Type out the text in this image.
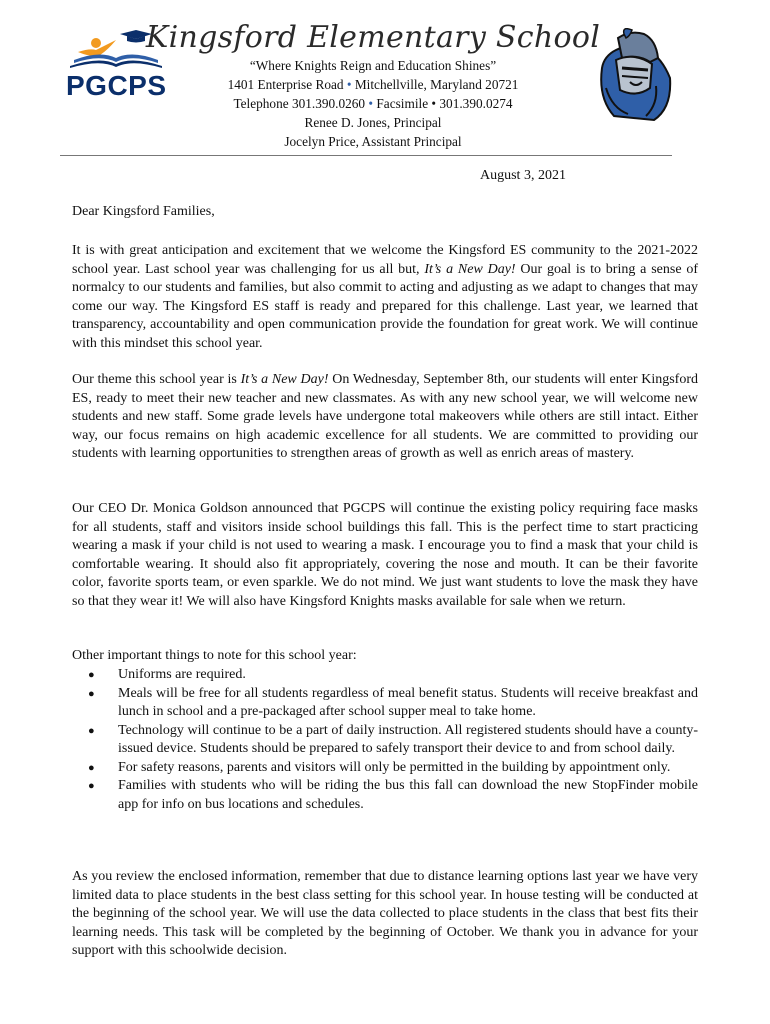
PGCPS
Kingsford Elementary School
“Where Knights Reign and Education Shines”
1401 Enterprise Road • Mitchellville, Maryland 20721
Telephone 301.390.0260 • Facsimile • 301.390.0274
Renee D. Jones, Principal
Jocelyn Price, Assistant Principal
August 3, 2021
Dear Kingsford Families,

It is with great anticipation and excitement that we welcome the Kingsford ES community to the 2021-2022 school year. Last school year was challenging for us all but, It’s a New Day! Our goal is to bring a sense of normalcy to our students and families, but also commit to acting and adjusting as we adapt to changes that may come our way. The Kingsford ES staff is ready and prepared for this challenge. Last year, we learned that transparency, accountability and open communication provide the foundation for great work. We will continue with this mindset this school year.

Our theme this school year is It’s a New Day! On Wednesday, September 8th, our students will enter Kingsford ES, ready to meet their new teacher and new classmates. As with any new school year, we will welcome new students and new staff. Some grade levels have undergone total makeovers while others are still intact. Either way, our focus remains on high academic excellence for all students. We are committed to providing our students with learning opportunities to strengthen areas of growth as well as enrich areas of mastery.

Our CEO Dr. Monica Goldson announced that PGCPS will continue the existing policy requiring face masks for all students, staff and visitors inside school buildings this fall. This is the perfect time to start practicing wearing a mask if your child is not used to wearing a mask. I encourage you to find a mask that your child is comfortable wearing. It should also fit appropriately, covering the nose and mouth. It can be their favorite color, favorite sports team, or even sparkle. We do not mind. We just want students to love the mask they have so that they wear it! We will also have Kingsford Knights masks available for sale when we return.

Other important things to note for this school year:
● Uniforms are required.
● Meals will be free for all students regardless of meal benefit status. Students will receive breakfast and lunch in school and a pre-packaged after school supper meal to take home.
● Technology will continue to be a part of daily instruction. All registered students should have a county-issued device. Students should be prepared to safely transport their device to and from school daily.
● For safety reasons, parents and visitors will only be permitted in the building by appointment only.
● Families with students who will be riding the bus this fall can download the new StopFinder mobile app for info on bus locations and schedules.

As you review the enclosed information, remember that due to distance learning options last year we have very limited data to place students in the best class setting for this school year. In house testing will be conducted at the beginning of the school year. We will use the data collected to place students in the class that best fits their learning needs. This task will be completed by the beginning of October. We thank you in advance for your support with this schoolwide decision.
